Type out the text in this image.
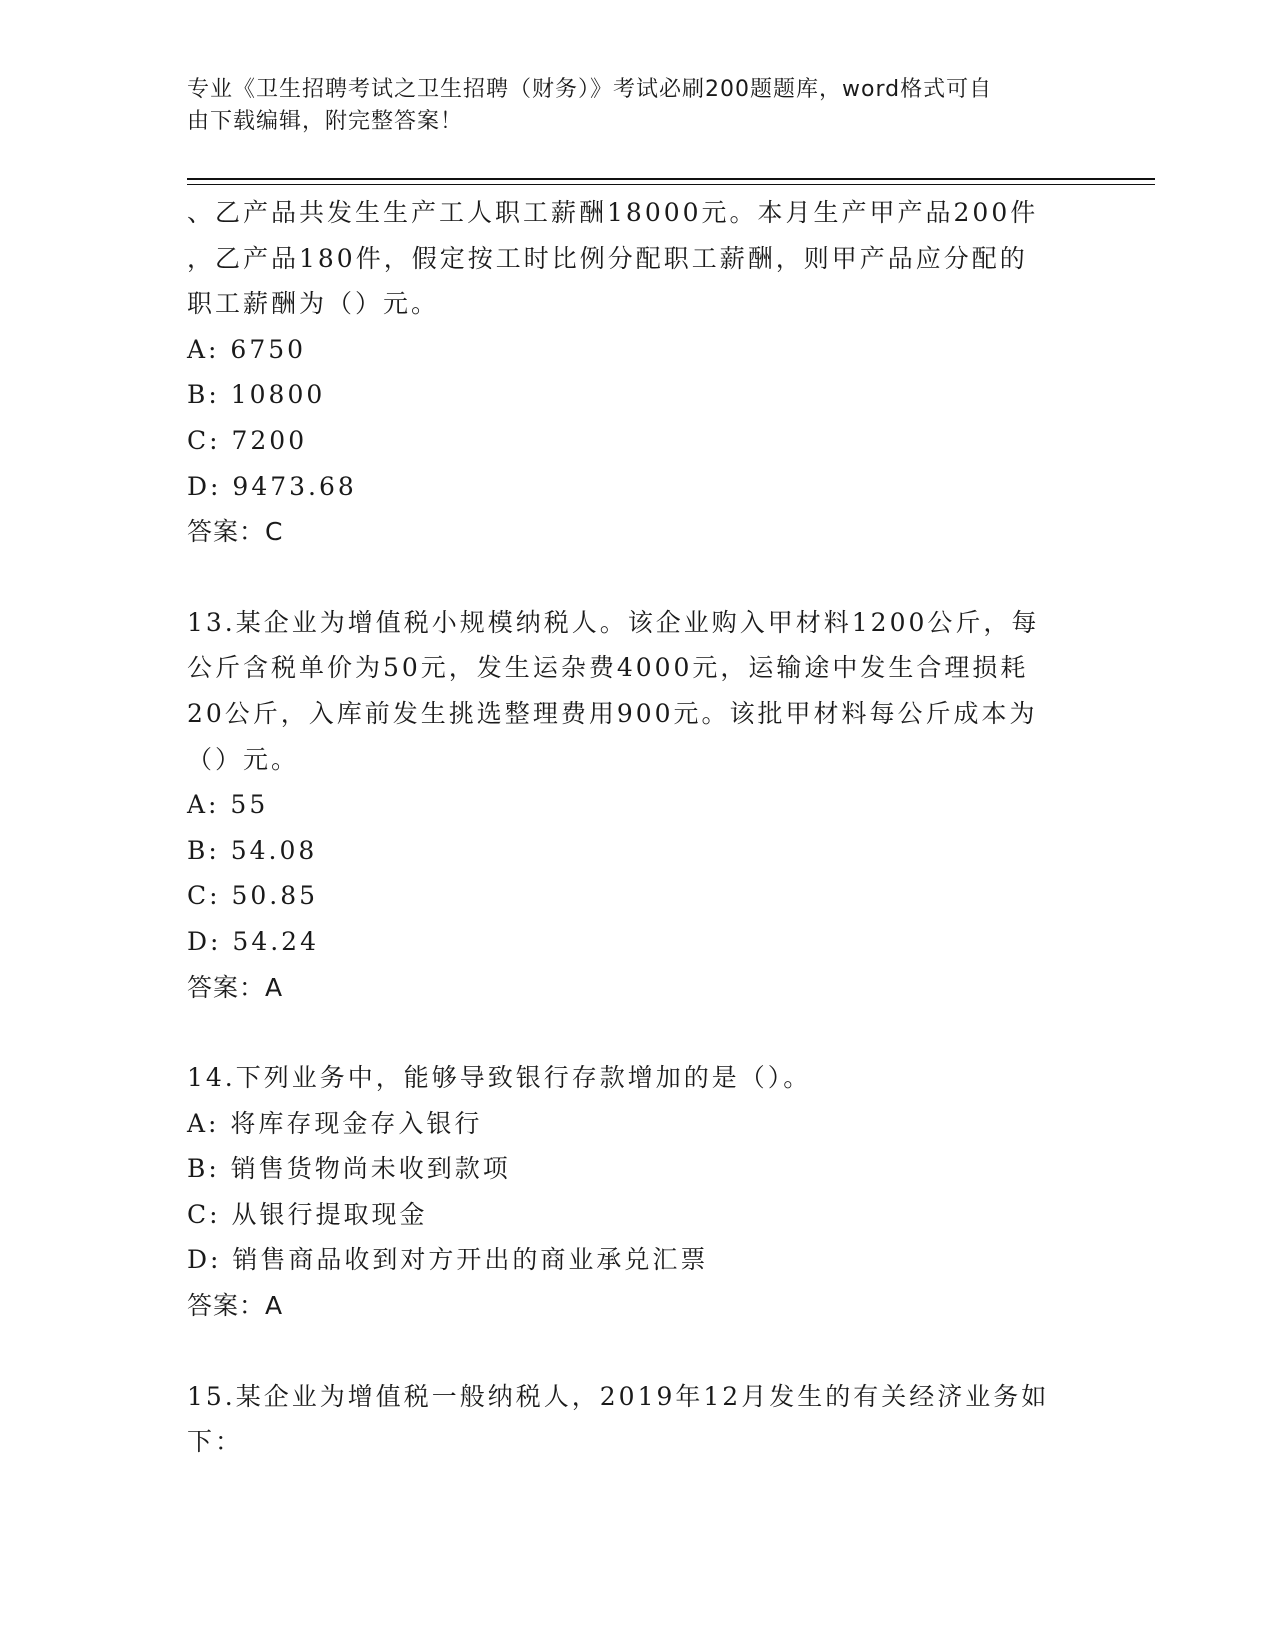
专业《卫生招聘考试之卫生招聘（财务）》考试必刷200题题库，word格式可自
由下载编辑，附完整答案！

、乙产品共发生生产工人职工薪酬18000元。本月生产甲产品200件

，乙产品180件，假定按工时比例分配职工薪酬，则甲产品应分配的

职工薪酬为（）元。

A: 6750
B: 10800
C: 7200
D: 9473.68

答案：C

13.某企业为增值税小规模纳税人。该企业购入甲材料1200公斤，每

公斤含税单价为50元，发生运杂费4000元，运输途中发生合理损耗

20公斤，入库前发生挑选整理费用900元。该批甲材料每公斤成本为

（）元。

A: 55
B: 54.08
C: 50.85
D: 54.24

答案：A

14.下列业务中，能够导致银行存款增加的是（）。

A: 将库存现金存入银行
B: 销售货物尚未收到款项
C: 从银行提取现金
D: 销售商品收到对方开出的商业承兑汇票

答案：A

15.某企业为增值税一般纳税人，2019年12月发生的有关经济业务如

下：
